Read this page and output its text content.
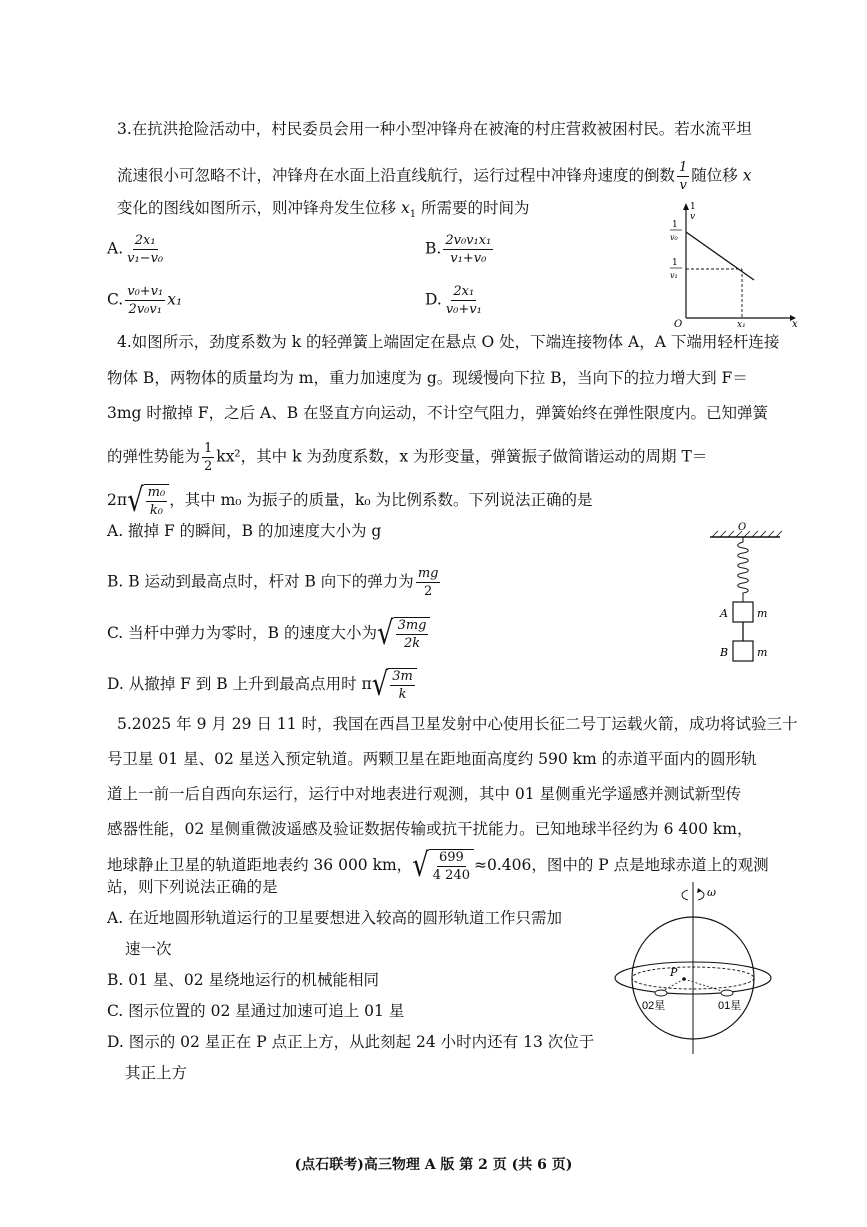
3.在抗洪抢险活动中，村民委员会用一种小型冲锋舟在被淹的村庄营救被困村民。若水流平坦
流速很小可忽略不计，冲锋舟在水面上沿直线航行，运行过程中冲锋舟速度的倒数 $\frac{1}{v}$ 随位移 x
变化的图线如图所示，则冲锋舟发生位移 $x_1$ 所需要的时间为
A. $\frac{\text{2x₁}}{\text{v₁−v₀}}$	B. $\frac{\text{2v₀v₁x₁}}{\text{v₁+v₀}}$
C. $\frac{\text{v₀+v₁}}{\text{2v₀v₁}} x_1$	D. $\frac{\text{2x₁}}{\text{v₀+v₁}}$
O	x
x₁
1
v
1
v₀
1
v₁
4.如图所示，劲度系数为 k 的轻弹簧上端固定在悬点 O 处，下端连接物体 A，A 下端用轻杆连接
物体 B，两物体的质量均为 m，重力加速度为 g。现缓慢向下拉 B，当向下的拉力增大到 F＝
3mg 时撤掉 F，之后 A、B 在竖直方向运动，不计空气阻力，弹簧始终在弹性限度内。已知弹簧
的弹性势能为 $\frac{1}{2} kx^2$，其中 k 为劲度系数，x 为形变量，弹簧振子做简谐运动的周期 T＝
2π √ $\frac{\text{m₀}}{\text{k₀}}$ ，其中 m₀ 为振子的质量，k₀ 为比例系数。下列说法正确的是
A. 撤掉 F 的瞬间，B 的加速度大小为 g
B. B 运动到最高点时，杆对 B 向下的弹力为 $\frac{mg}{2}$
C. 当杆中弹力为零时，B 的速度大小为 √ $\frac{3mg}{2k}$
D. 从撤掉 F 到 B 上升到最高点用时 π √ $\frac{3m}{k}$
O
A	m
B	m
5.2025 年 9 月 29 日 11 时，我国在西昌卫星发射中心使用长征二号丁运载火箭，成功将试验三十
号卫星 01 星、02 星送入预定轨道。两颗卫星在距地面高度约 590 km 的赤道平面内的圆形轨
道上一前一后自西向东运行，运行中对地表进行观测，其中 01 星侧重光学遥感并测试新型传
感器性能，02 星侧重微波遥感及验证数据传输或抗干扰能力。已知地球半径约为 6 400 km，
地球静止卫星的轨道距地表约 36 000 km， √ $\frac{699}{4 240} \approx 0.406$，图中的 P 点是地球赤道上的观测
站，则下列说法正确的是
A. 在近地圆形轨道运行的卫星要想进入较高的圆形轨道工作只需加
速一次
B. 01 星、02 星绕地运行的机械能相同
C. 图示位置的 02 星通过加速可追上 01 星
D. 图示的 02 星正在 P 点正上方，从此刻起 24 小时内还有 13 次位于
其正上方
ω
P
02星	01星
(点石联考)高三物理 A 版 第 2 页 (共 6 页)
